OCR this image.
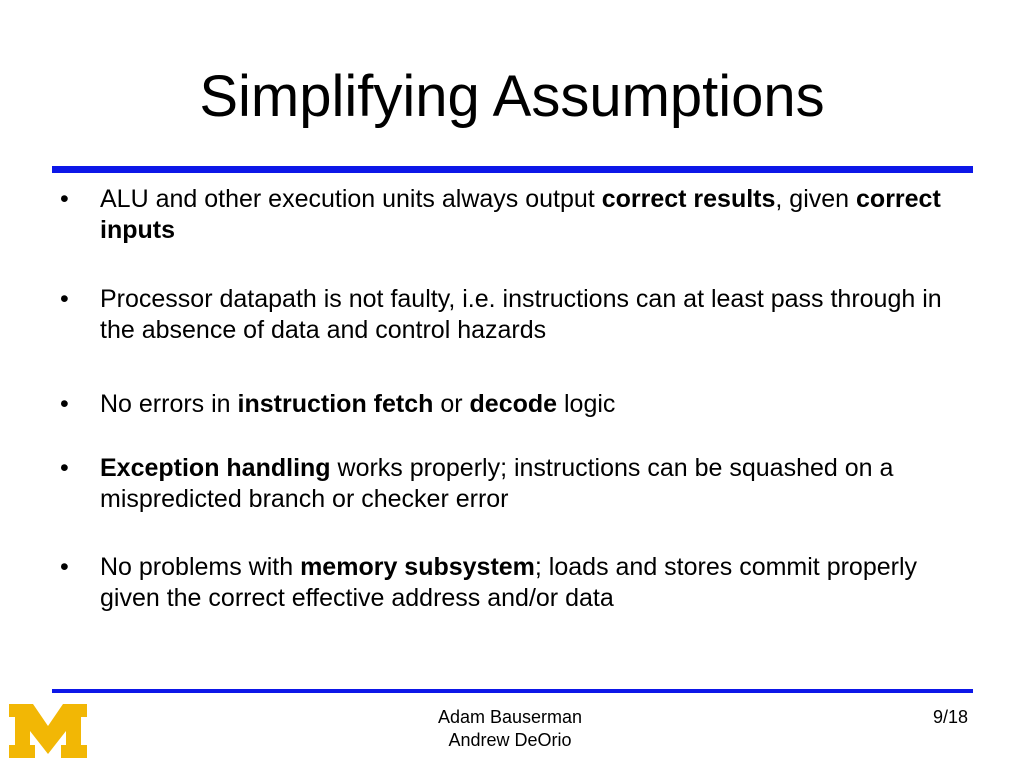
Simplifying Assumptions
• ALU and other execution units always output correct results, given correct inputs
• Processor datapath is not faulty, i.e. instructions can at least pass through in the absence of data and control hazards
• No errors in instruction fetch or decode logic
• Exception handling works properly; instructions can be squashed on a mispredicted branch or checker error
• No problems with memory subsystem; loads and stores commit properly given the correct effective address and/or data
Adam Bauserman
Andrew DeOrio
9/18
